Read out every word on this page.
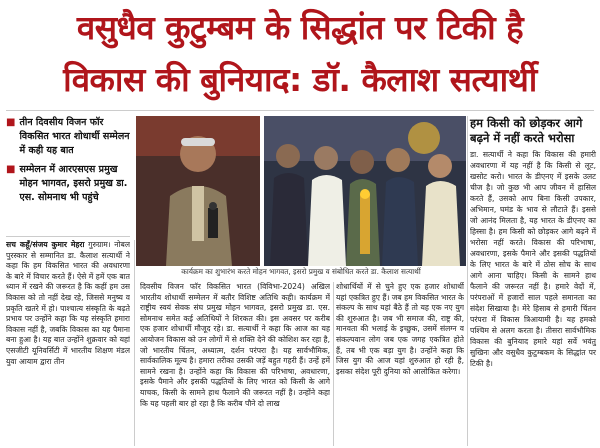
वसुधैव कुटुम्बम के सिद्धांत पर टिकी है
विकास की बुनियाद: डॉ. कैलाश सत्यार्थी
■ तीन दिवसीय विजन फॉर विकसित भारत शोधार्थी सम्मेलन में कही यह बात
■ सम्मेलन में आरएसएस प्रमुख मोहन भागवत, इसरो प्रमुख डा. एस. सोमनाथ भी पहुंचे
कार्यक्रम का शुभारंभ करते मोहन भागवत, इसरो प्रमुख व संबोधित करते डा. कैलाश सत्यार्थी
हम किसी को छोड़कर आगे बढ़ने में नहीं करते भरोसा
डा. सत्यार्थी ने कहा कि विकास की हमारी अवधारणा में यह नहीं है कि किसी से लूट, खसोट करो। भारत के डीएनए में इसके उलट चीज है। जो कुछ भी आप जीवन में हासिल करते हैं, उसको आप बिना किसी उपकार, अभिमान, घमंड के भाव से लौटाते हैं। इससे जो आनंद मिलता है, यह भारत के डीएनए का हिस्सा है। हम किसी को छोड़कर आगे बढ़ने में भरोसा नहीं करते। विकास की परिभाषा, अवधारणा, इसके पैमाने और इसकी पद्धतियों के लिए भारत के बारे में ठोस सोच के साथ आगे आना चाहिए। किसी के सामने हाथ फैलाने की जरूरत नहीं है। हमारे वेदों में, परंपराओं में हजारों साल पहले समानता का संदेश सिखाया है। मेरे हिसाब से हमारी चिंतन परंपरा में विकास त्रिआयामी है। यह हमको पश्चिम से अलग करता है। तीसरा सार्वभौमिक विकास की बुनियाद हमारे यहां सर्वे भवंतु सुखिनः और वसुधैव कुटुम्बकम के सिद्धांत पर टिकी है।
सच कहूँ/संजय कुमार मेहरा गुरुग्राम। नोबल पुरस्कार से सम्मानित डा. कैलाश सत्यार्थी ने कहा कि हम विकसित भारत की अवधारणा के बारे में विचार करते हैं। ऐसे में हमें एक बात ध्यान में रखने की जरूरत है कि कहीं हम उस विकास को तो नहीं देख रहे, जिससे मनुष्य व प्रकृति खतरे में हो। पाश्चात्य संस्कृति के बढ़ते प्रभाव पर उन्होंने कहा कि यह संस्कृति हमारा विकास नहीं है, जबकि विकास का यह पैमाना बना हुआ है। यह बात उन्होंने शुक्रवार को यहां एसजीटी यूनिवर्सिटी में भारतीय शिक्षण मंडल युवा आयाम द्वारा तीन
दिवसीय विजन फॉर विकसित भारत (विविभा-2024) अखिल भारतीय शोधार्थी सम्मेलन में बतौर विशिष्ट अतिथि कही। कार्यक्रम में राष्ट्रीय स्वयं सेवक संघ प्रमुख मोहन भागवत, इसरो प्रमुख डा. एस. सोमनाथ समेत कई अतिथियों ने शिरकत की। इस अवसर पर करीब एक हजार शोधार्थी मौजूद रहे। डा. सत्यार्थी ने कहा कि आज का यह आयोजन विकास को उन लोगों में से शक्ति देने की कोशिश कर रहा है, जो भारतीय चिंतन, अध्यात्म, दर्शन परंपरा है। यह सार्वभौमिक, सार्वकालिक मूल्य है। हमारा तरीका उसकी जड़ें बहुत गहरी हैं। उन्हें हमें सामने रखना है। उन्होंने कहा कि विकास की परिभाषा, अवधारणा, इसके पैमाने और इसकी पद्धतियों के लिए भारत को किसी के आगे याचक, किसी के सामने हाथ फैलाने की जरूरत नहीं है। उन्होंने कहा कि यह पहली बार हो रहा है कि करीब पौने दो लाख
शोधार्थियों में से चुने हुए एक हजार शोधार्थी यहां एकत्रित हुए हैं। जब हम विकसित भारत के संकल्प के साथ यहां बैठे हैं तो यह एक नए युग की शुरुआत है। जब भी समाज की, राष्ट्र की, मानवता की भलाई के इच्छुक, उसमें संलग्न व संकल्पवान लोग जब एक जगह एकत्रित होते हैं, तब भी एक बड़ा युग है। उन्होंने कहा कि जिस युग की आज यहां शुरुआत हो रही है, इसका संदेश पूरी दुनिया को आलोकित करेगा।
